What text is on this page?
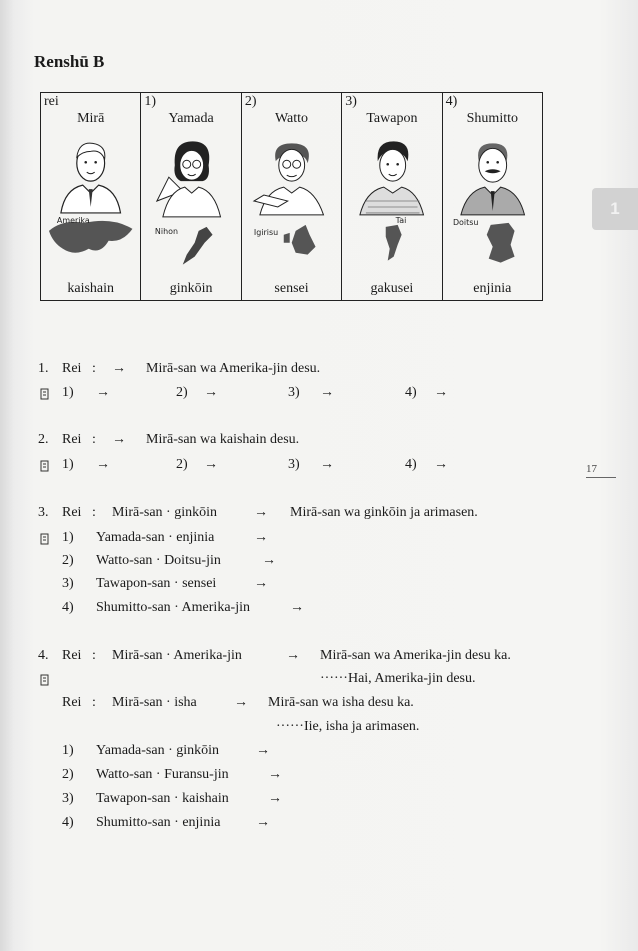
Renshū B
1
17
rei
Mirā
Amerika
kaishain
1)
Yamada
Nihon
ginkōin
2)
Watto
Igirisu
sensei
3)
Tawapon
Tai
gakusei
4)
Shumitto
Doitsu
enjinia
1. Rei : → Mirā-san wa Amerika-jin desu.
1) →	2) →	3) →	4) →
2. Rei : → Mirā-san wa kaishain desu.
1) →	2) →	3) →	4) →
3. Rei : Mirā-san · ginkōin	→ Mirā-san wa ginkōin ja arimasen.
1) Yamada-san · enjinia	→
2) Watto-san · Doitsu-jin	→
3) Tawapon-san · sensei	→
4) Shumitto-san · Amerika-jin	→
4. Rei : Mirā-san · Amerika-jin	→ Mirā-san wa Amerika-jin desu ka.
······Hai, Amerika-jin desu.
Rei : Mirā-san · isha	→ Mirā-san wa isha desu ka.
······Iie, isha ja arimasen.
1) Yamada-san · ginkōin	→
2) Watto-san · Furansu-jin	→
3) Tawapon-san · kaishain	→
4) Shumitto-san · enjinia	→
